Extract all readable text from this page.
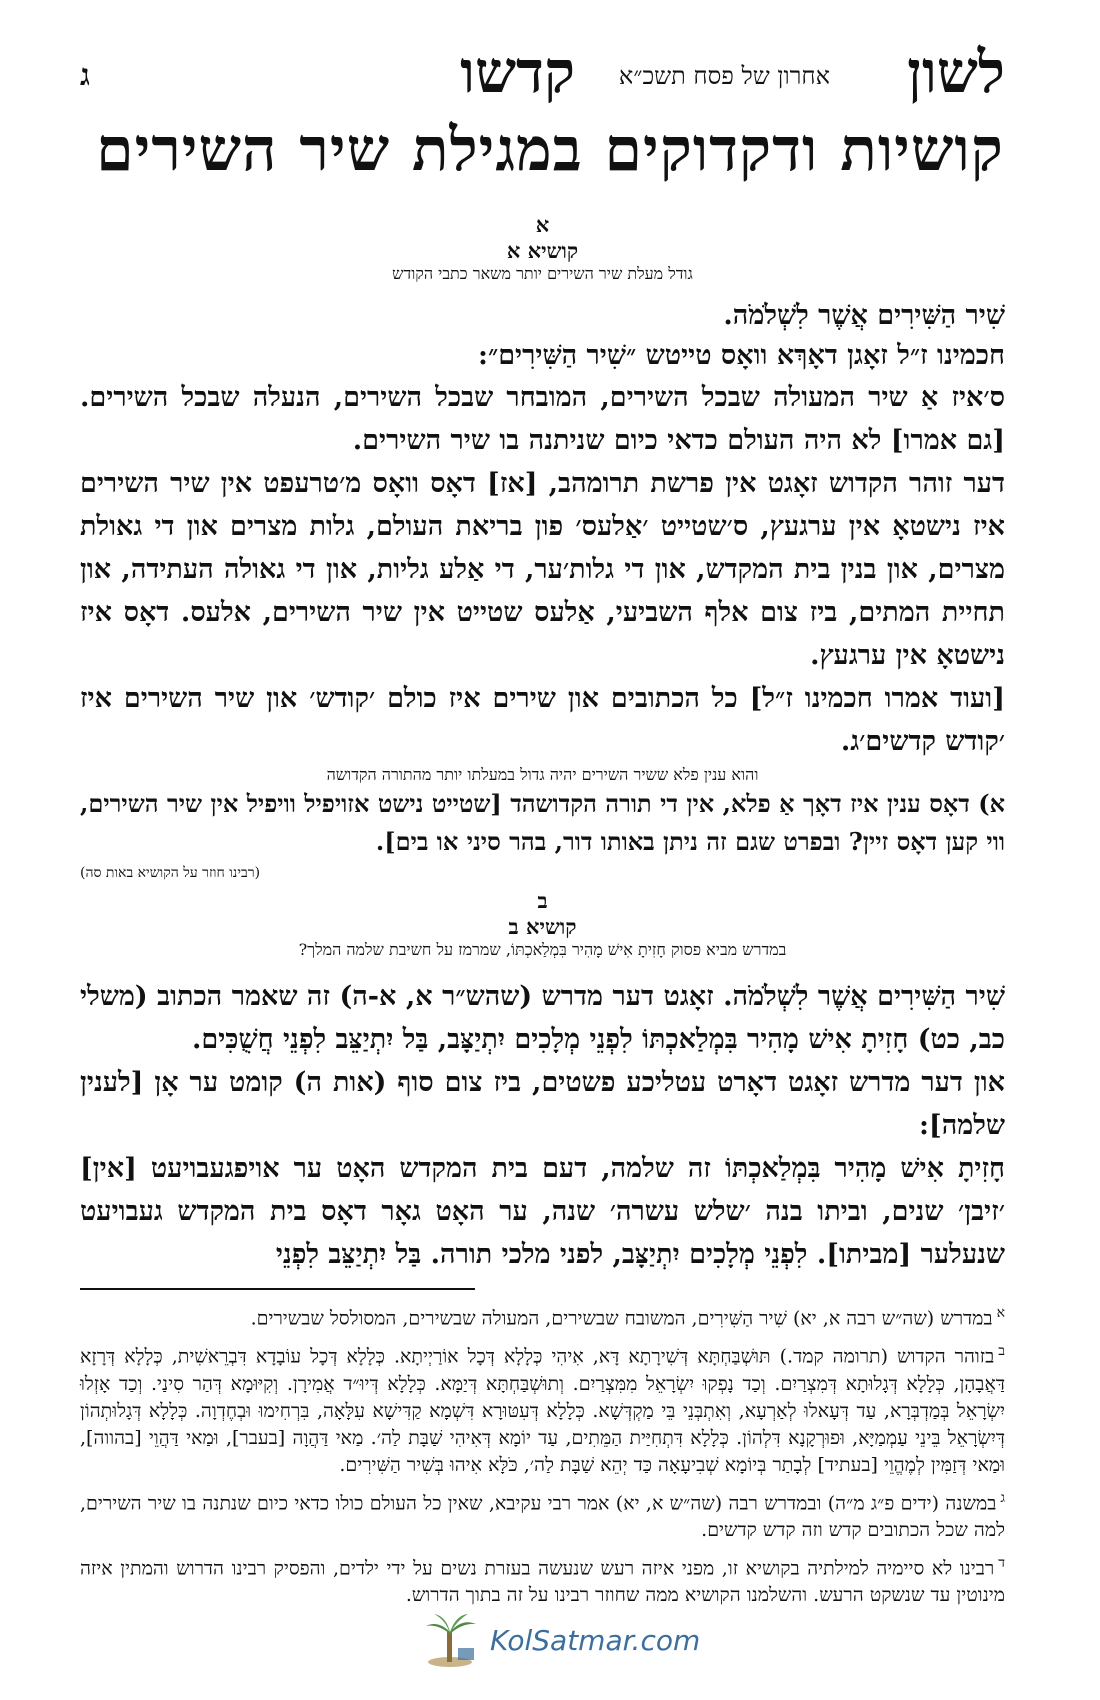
לשון
אחרון של פסח תשכ״א
קדשו
ג
קושיות ודקדוקים במגילת שיר השירים
א
קושיא א
גודל מעלת שיר השירים יותר משאר כתבי הקודש
שִׁיר הַשִּׁירִים אֲשֶׁר לִשְׁלֹמֹה.
חכמינו ז״ל זאָגן דאָךְא וואָס טייטש ״שִׁיר הַשִּׁירִים״:
ס׳איז אַ שיר המעולה שבכל השירים, המובחר שבכל השירים, הנעלה שבכל השירים. [גם אמרו] לא היה העולם כדאי כיום שניתנה בו שיר השירים.
דער זוהר הקדוש זאָגט אין פרשת תרומהב, [אז] דאָס וואָס מ׳טרעפט אין שיר השירים איז נישטאָ אין ערגעץ, ס׳שטייט ׳אַלעס׳ פון בריאת העולם, גלות מצרים און די גאולת מצרים, און בנין בית המקדש, און די גלות׳ער, די אַלע גליות, און די גאולה העתידה, און תחיית המתים, ביז צום אלף השביעי, אַלעס שטייט אין שיר השירים, אלעס. דאָס איז נישטאָ אין ערגעץ.
[ועוד אמרו חכמינו ז״ל] כל הכתובים און שירים איז כולם ׳קודש׳ און שיר השירים איז ׳קודש קדשים׳ג.
והוא ענין פלא ששיר השירים יהיה גדול במעלתו יותר מהתורה הקדושה
א) דאָס ענין איז דאָך אַ פלא, אין די תורה הקדושהד [שטייט נישט אזויפיל וויפיל אין שיר השירים, ווי קען דאָס זיין? ובפרט שגם זה ניתן באותו דור, בהר סיני או בים].
(רבינו חוזר על הקושיא באות סה)
ב
קושיא ב
במדרש מביא פסוק חָזִיתָ אִישׁ מָהִיר בִּמְלַאכְתּוֹ, שמרמז על חשיבת שלמה המלך?
שִׁיר הַשִּׁירִים אֲשֶׁר לִשְׁלֹמֹה. זאָגט דער מדרש (שהש״ר א, א-ה) זה שאמר הכתוב (משלי כב, כט) חָזִיתָ אִישׁ מָהִיר בִּמְלַאכְתּוֹ לִפְנֵי מְלָכִים יִתְיַצָּב, בַּל יִתְיַצֵּב לִפְנֵי חֲשֻׁכִּים.
און דער מדרש זאָגט דאָרט עטליכע פשטים, ביז צום סוף (אות ה) קומט ער אָן [לענין שלמה]:
חָזִיתָ אִישׁ מָהִיר בִּמְלַאכְתּוֹ זה שלמה, דעם בית המקדש האָט ער אויפגעבויעט [אין] ׳זיבן׳ שנים, וביתו בנה ׳שלש עשרה׳ שנה, ער האָט גאָר דאָס בית המקדש געבויעט שנעלער [מביתו]. לִפְנֵי מְלָכִים יִתְיַצָּב, לפני מלכי תורה. בַּל יִתְיַצֵּב לִפְנֵי
$^א$במדרש (שה״ש רבה א, יא) שִׁיר הַשִּׁירִים, המשובח שבשירים, המעולה שבשירים, המסולסל שבשירים.
$^ב$בזוהר הקדוש (תרומה קמד.) תּוּשְׁבַּחְתָּא דְּשִׁירָתָא דָּא, אִיהִי כְּלָלָא דְּכָל אוֹרַיְיתָא. כְּלָלָא דְּכָל עוֹבָדָא דִּבְרֵאשִׁית, כְּלָלָא דְּרָזָא דַּאֲבָהָן, כְּלָלָא דְּגָלוּתָא דְּמִצְרַיִם. וְכַד נָפְקוּ יִשְׂרָאֵל מִמִּצְרַיִם. וְתוּשְׁבַּחְתָּא דְּיַמָּא. כְּלָלָא דְּיוּ״ד אֲמִירָן. וְקִיּוּמָא דְּהַר סִינַי. וְכַד אָזְלוּ יִשְׂרָאֵל בְּמַדְבְּרָא, עַד דְּעָאלוּ לְאַרְעָא, וְאִתְבְּנֵי בֵּי מַקְדְּשָׁא. כְּלָלָא דְּעִטּוּרָא דִּשְׁמָא קַדִּישָׁא עִלָּאָה, בִּרְחִימוּ וּבְחֶדְוָה. כְּלָלָא דְּגָלוּתְהוֹן דְּיִשְׂרָאֵל בֵּינֵי עַמְמַיָּא, וּפוּרְקָנָא דִּלְהוֹן. כְּלָלָא דִּתְחִיַּית הַמֵּתִים, עַד יוֹמָא דְּאִיהִי שַׁבָּת לַה׳. מַאי דַּהֲוָה [בעבר], וּמַאי דַּהֲוֵי [בהווה], וּמַאי דְּזַמִּין לְמֶהֱוֵי [בעתיד] לְבָתַר בְּיוֹמָא שְׁבִיעָאָה כַּד יְהֵא שַׁבָּת לַה׳, כֹּלָּא אִיהוּ בְּשִׁיר הַשִּׁירִים.
$^ג$במשנה (ידים פ״ג מ״ה) ובמדרש רבה (שה״ש א, יא) אמר רבי עקיבא, שאין כל העולם כולו כדאי כיום שנתנה בו שיר השירים, למה שכל הכתובים קדש וזה קדש קדשים.
$^ד$רבינו לא סיימיה למילתיה בקושיא זו, מפני איזה רעש שנעשה בעזרת נשים על ידי ילדים, והפסיק רבינו הדרוש והמתין איזה מינוטין עד שנשקט הרעש. והשלמנו הקושיא ממה שחוזר רבינו על זה בתוך הדרוש.
KolSatmar.com
